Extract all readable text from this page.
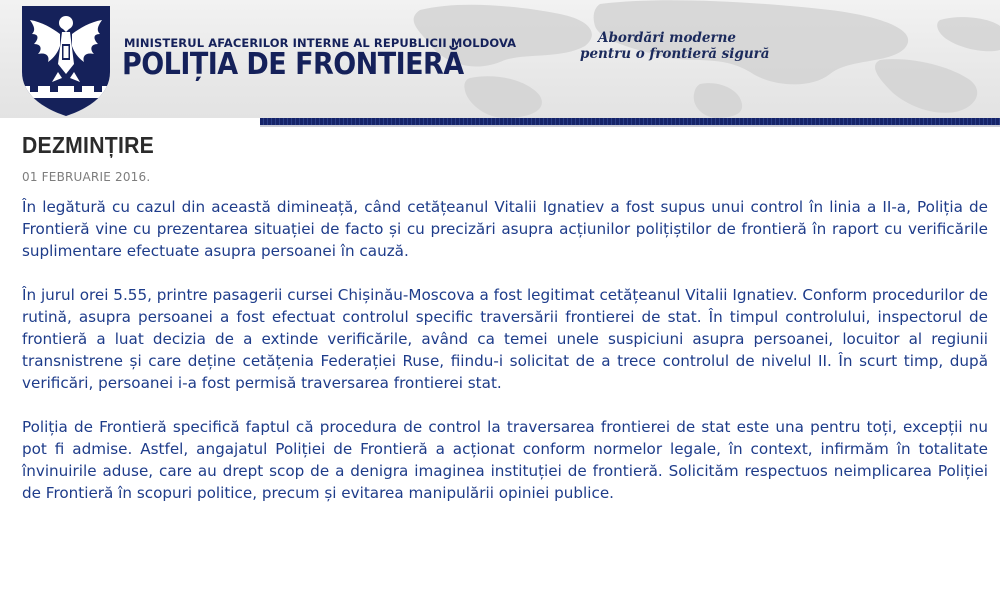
MINISTERUL AFACERILOR INTERNE AL REPUBLICII MOLDOVA
POLIȚIA DE FRONTIERĂ
Abordări moderne
pentru o frontieră sigură
DEZMINȚIRE
01 FEBRUARIE 2016.

În legătură cu cazul din această dimineață, când cetățeanul Vitalii Ignatiev a fost supus unui control în linia a II-a, Poliția de Frontieră vine cu prezentarea situației de facto și cu precizări asupra acțiunilor polițiștilor de frontieră în raport cu verificările suplimentare efectuate asupra persoanei în cauză.

În jurul orei 5.55, printre pasagerii cursei Chișinău-Moscova a fost legitimat cetățeanul Vitalii Ignatiev. Conform procedurilor de rutină, asupra persoanei a fost efectuat controlul specific traversării frontierei de stat. În timpul controlului, inspectorul de frontieră a luat decizia de a extinde verificările, având ca temei unele suspiciuni asupra persoanei, locuitor al regiunii transnistrene și care deține cetățenia Federației Ruse, fiindu-i solicitat de a trece controlul de nivelul II. În scurt timp, după verificări, persoanei i-a fost permisă traversarea frontierei stat.

Poliția de Frontieră specifică faptul că procedura de control la traversarea frontierei de stat este una pentru toți, excepții nu pot fi admise. Astfel, angajatul Poliției de Frontieră a acționat conform normelor legale, în context, infirmăm în totalitate învinuirile aduse, care au drept scop de a denigra imaginea instituției de frontieră. Solicităm respectuos neimplicarea Poliției de Frontieră în scopuri politice, precum și evitarea manipulării opiniei publice.
